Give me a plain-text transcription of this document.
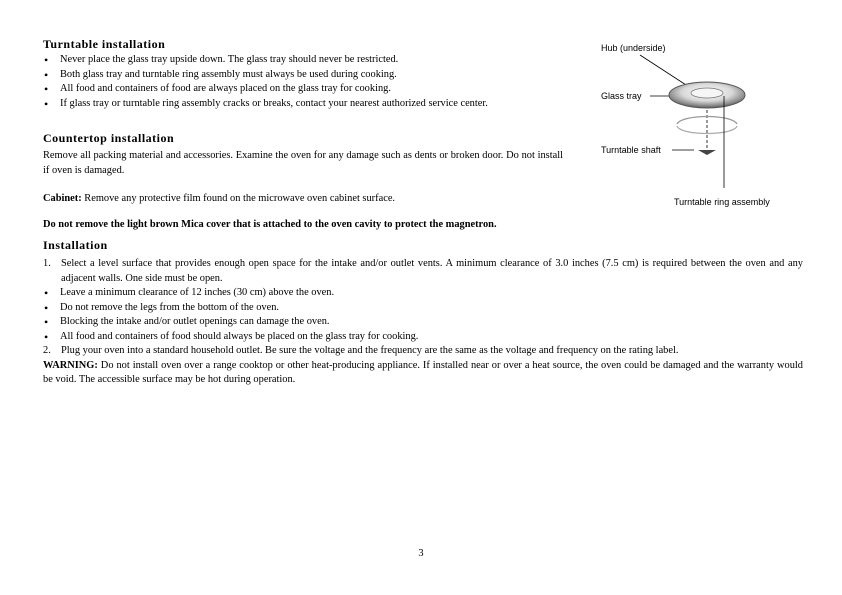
Turntable installation
• Never place the glass tray upside down. The glass tray should never be restricted.
• Both glass tray and turntable ring assembly must always be used during cooking.
• All food and containers of food are always placed on the glass tray for cooking.
• If glass tray or turntable ring assembly cracks or breaks, contact your nearest authorized service center.
Countertop installation

Remove all packing material and accessories. Examine the oven for any damage such as dents or broken door. Do not install if oven is damaged.

Cabinet: Remove any protective film found on the microwave oven cabinet surface.

Do not remove the light brown Mica cover that is attached to the oven cavity to protect the magnetron.

Hub (underside)
Glass tray
Turntable shaft
Turntable ring assembly
Installation
1. Select a level surface that provides enough open space for the intake and/or outlet vents. A minimum clearance of 3.0 inches (7.5 cm) is required between the oven and any adjacent walls. One side must be open.
• Leave a minimum clearance of 12 inches (30 cm) above the oven.
• Do not remove the legs from the bottom of the oven.
• Blocking the intake and/or outlet openings can damage the oven.
• All food and containers of food should always be placed on the glass tray for cooking.
2. Plug your oven into a standard household outlet. Be sure the voltage and the frequency are the same as the voltage and frequency on the rating label.

WARNING: Do not install oven over a range cooktop or other heat-producing appliance. If installed near or over a heat source, the oven could be damaged and the warranty would be void. The accessible surface may be hot during operation.

3
